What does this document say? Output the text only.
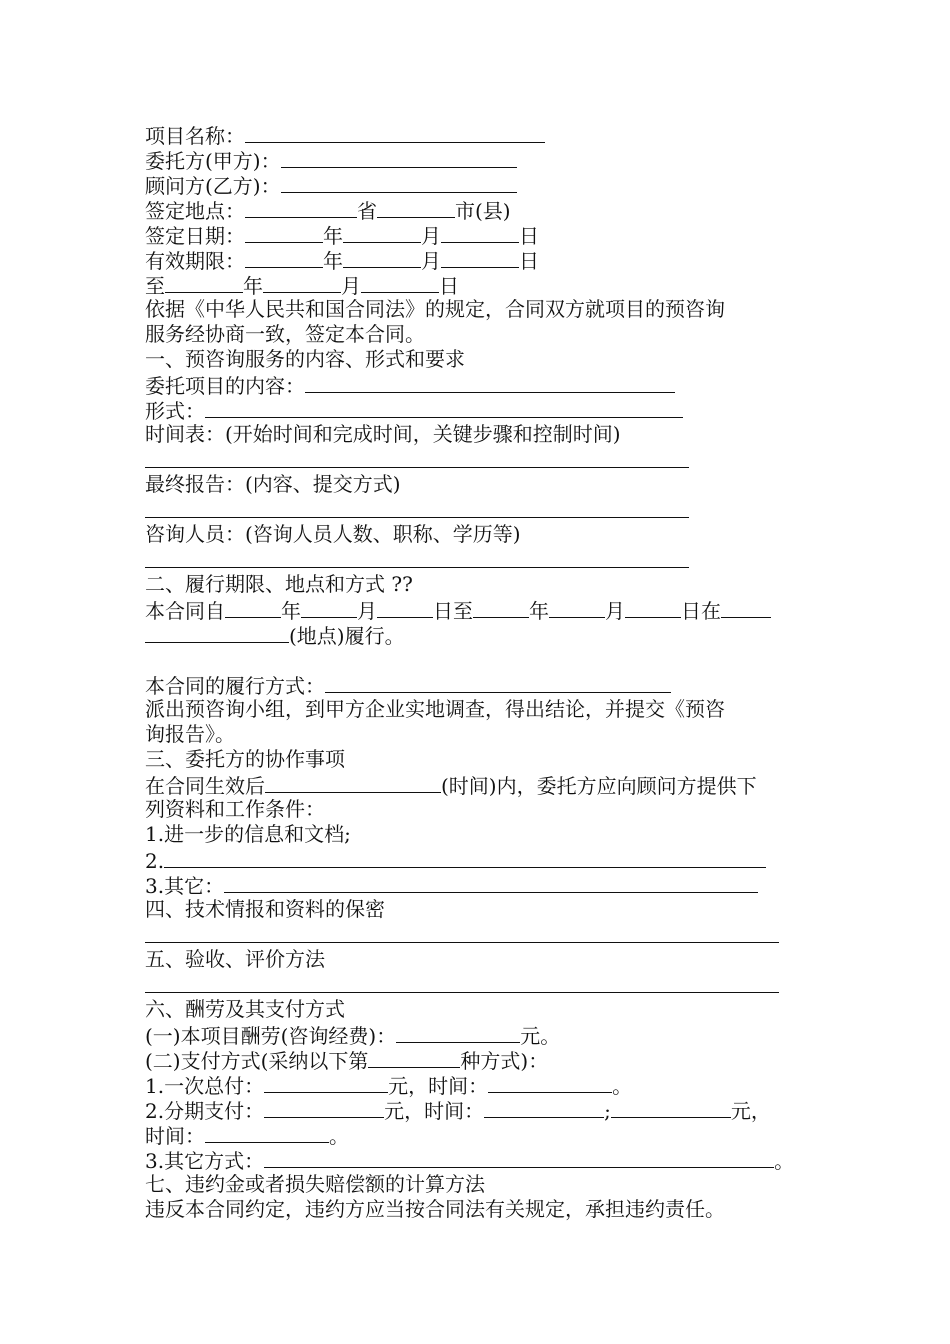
项目名称：
委托方(甲方)：
顾问方(乙方)：
签定地点：	省	市(县)
签定日期：	年	月	日
有效期限：	年	月	日
至	年	月	日
依据《中华人民共和国合同法》的规定，合同双方就项目的预咨询
服务经协商一致，签定本合同。
一、预咨询服务的内容、形式和要求
委托项目的内容：
形式：
时间表：(开始时间和完成时间，关键步骤和控制时间)
最终报告：(内容、提交方式)
咨询人员：(咨询人员人数、职称、学历等)
二、履行期限、地点和方式 ??
本合同自	年	月	日至	年	月	日在
(地点)履行。
本合同的履行方式：
派出预咨询小组，到甲方企业实地调查，得出结论，并提交《预咨
询报告》。
三、委托方的协作事项
在合同生效后	(时间)内，委托方应向顾问方提供下
列资料和工作条件：
1.进一步的信息和文档;
2.
3.其它：
四、技术情报和资料的保密
五、验收、评价方法
六、酬劳及其支付方式
(一)本项目酬劳(咨询经费)：	元。
(二)支付方式(采纳以下第	种方式)：
1.一次总付：	元，时间：	。
2.分期支付：	元，时间：	;	元，
时间：	。
3.其它方式：	。
七、违约金或者损失赔偿额的计算方法
违反本合同约定，违约方应当按合同法有关规定，承担违约责任。
